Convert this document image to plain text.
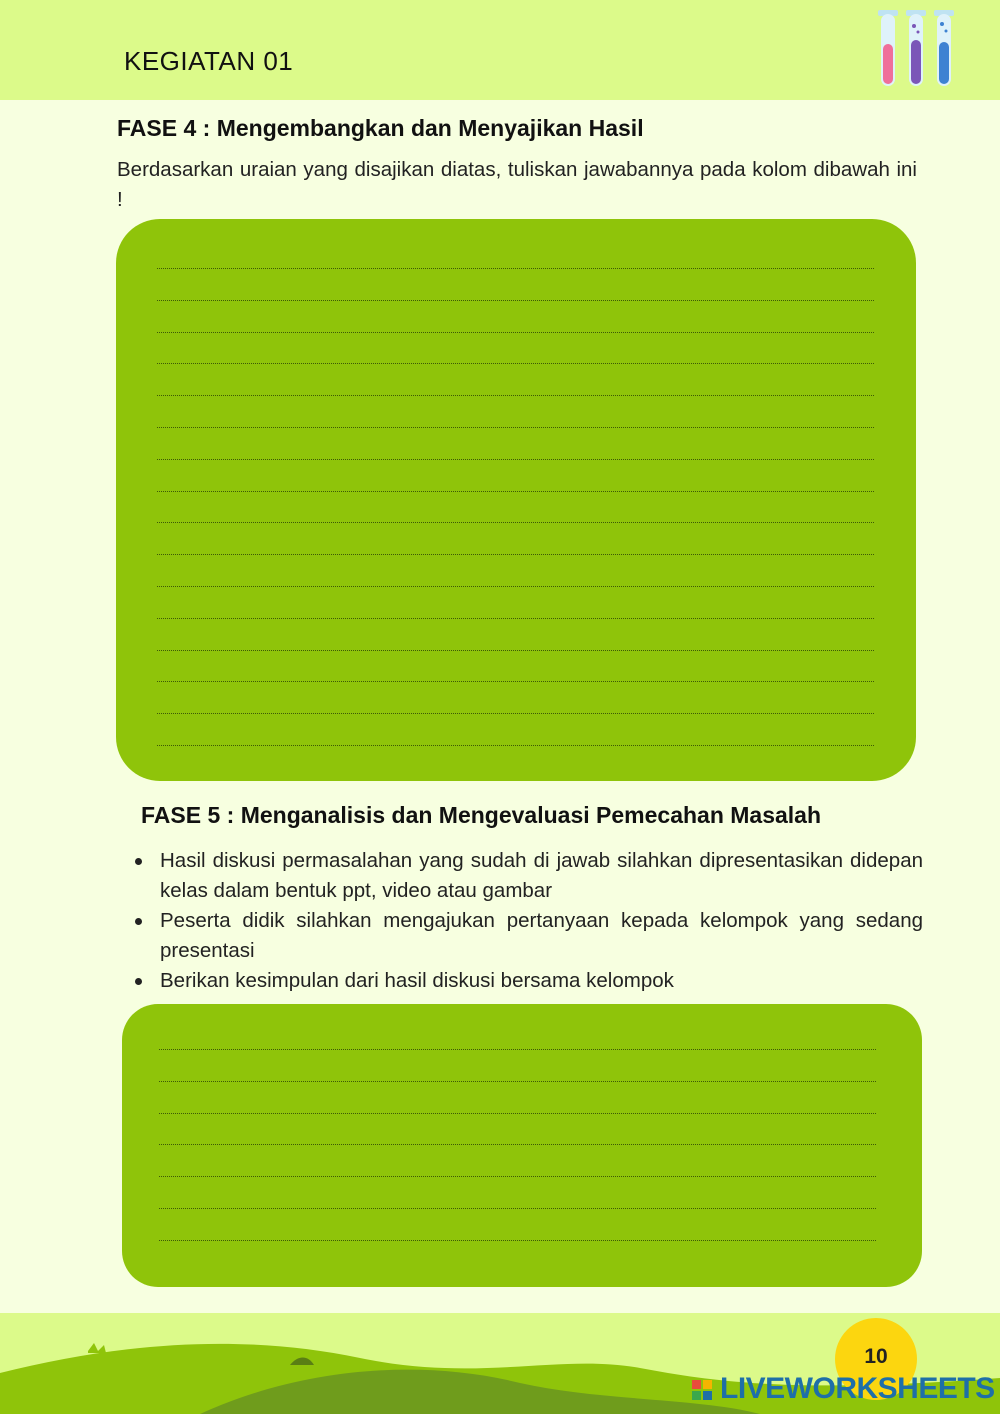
KEGIATAN 01
FASE 4 : Mengembangkan dan Menyajikan Hasil
Berdasarkan uraian yang disajikan diatas, tuliskan jawabannya pada kolom dibawah ini !
FASE 5 : Menganalisis dan Mengevaluasi Pemecahan Masalah
Hasil diskusi permasalahan yang sudah di jawab silahkan dipresentasikan didepan kelas dalam bentuk ppt, video atau gambar
Peserta didik silahkan mengajukan pertanyaan kepada kelompok yang sedang presentasi
Berikan kesimpulan dari hasil diskusi bersama kelompok
10
LIVEWORKSHEETS
